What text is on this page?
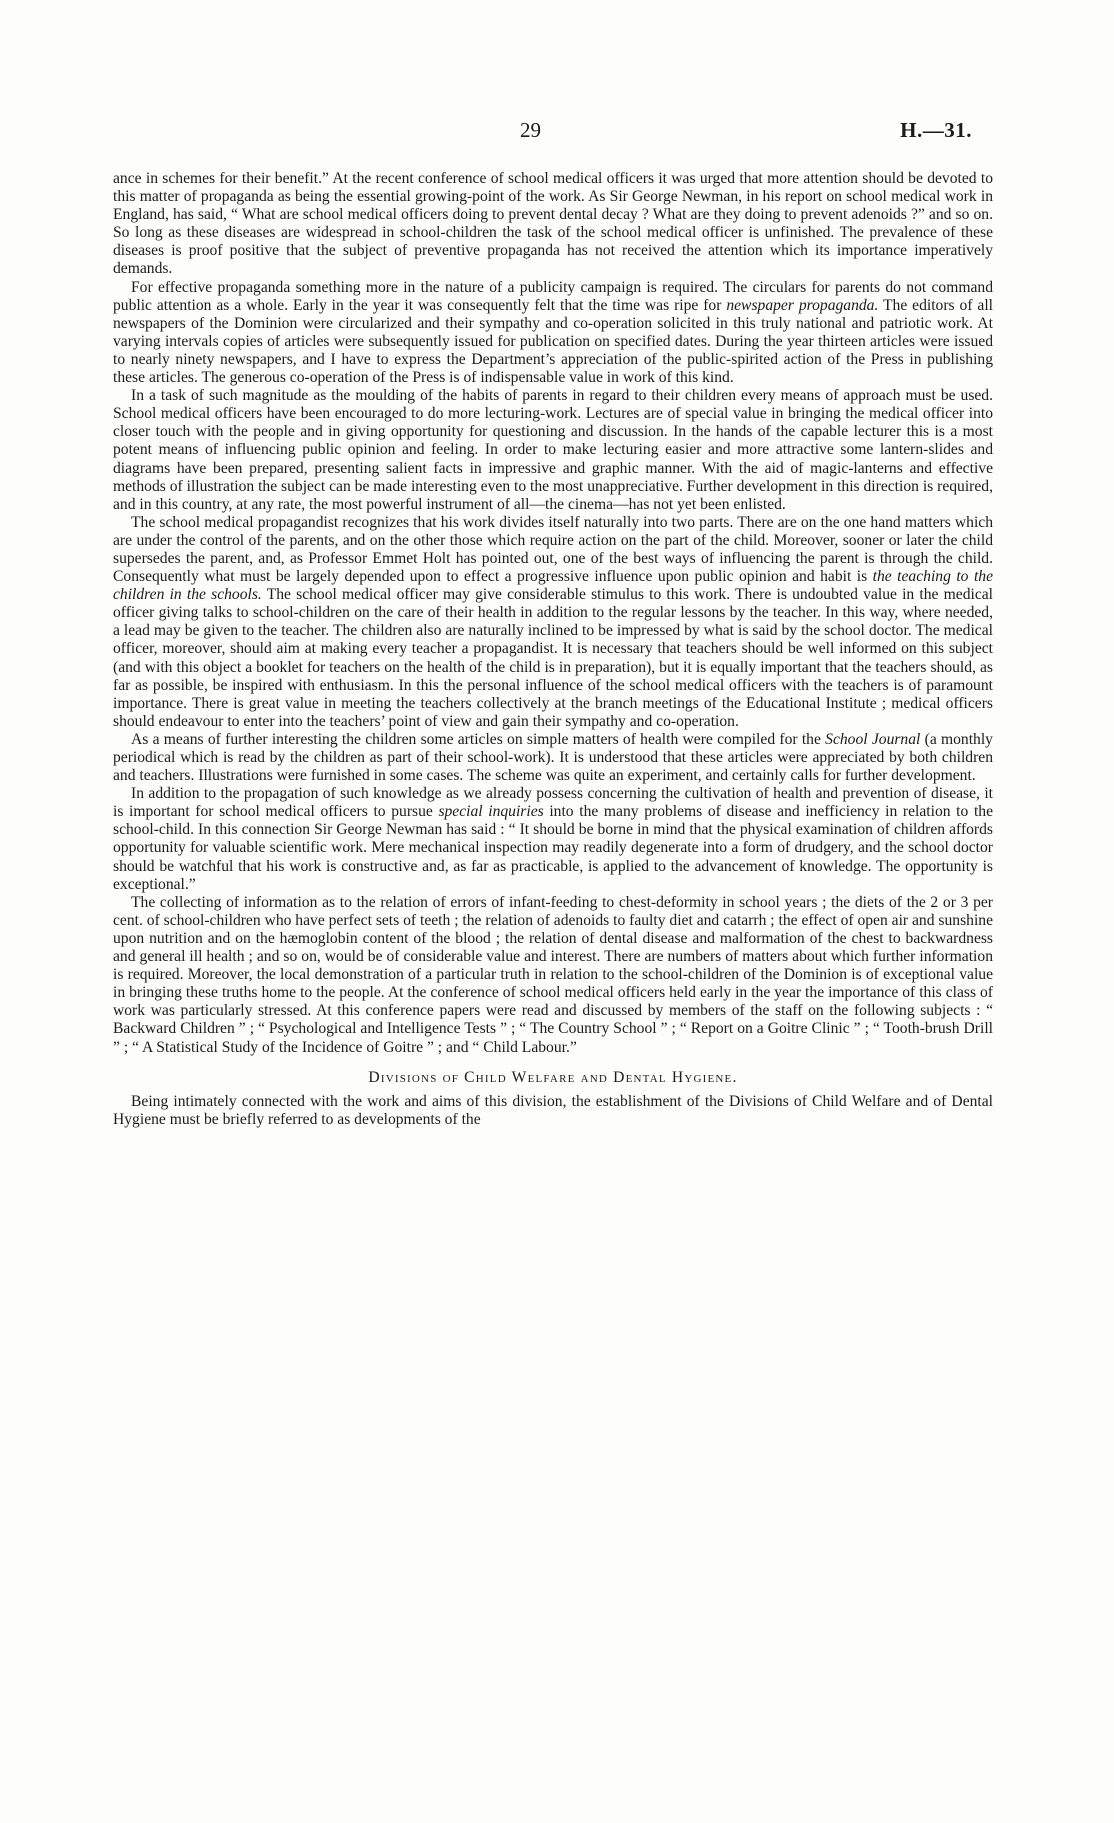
29	H.—31.

ance in schemes for their benefit.” At the recent conference of school medical officers it was urged that more attention should be devoted to this matter of propaganda as being the essential growing-point of the work. As Sir George Newman, in his report on school medical work in England, has said, “ What are school medical officers doing to prevent dental decay ? What are they doing to prevent adenoids ?” and so on. So long as these diseases are widespread in school-children the task of the school medical officer is unfinished. The prevalence of these diseases is proof positive that the subject of preventive propaganda has not received the attention which its importance imperatively demands.

For effective propaganda something more in the nature of a publicity campaign is required. The circulars for parents do not command public attention as a whole. Early in the year it was consequently felt that the time was ripe for newspaper propaganda. The editors of all newspapers of the Dominion were circularized and their sympathy and co-operation solicited in this truly national and patriotic work. At varying intervals copies of articles were subsequently issued for publication on specified dates. During the year thirteen articles were issued to nearly ninety newspapers, and I have to express the Department’s appreciation of the public-spirited action of the Press in publishing these articles. The generous co-operation of the Press is of indispensable value in work of this kind.

In a task of such magnitude as the moulding of the habits of parents in regard to their children every means of approach must be used. School medical officers have been encouraged to do more lecturing-work. Lectures are of special value in bringing the medical officer into closer touch with the people and in giving opportunity for questioning and discussion. In the hands of the capable lecturer this is a most potent means of influencing public opinion and feeling. In order to make lecturing easier and more attractive some lantern-slides and diagrams have been prepared, presenting salient facts in impressive and graphic manner. With the aid of magic-lanterns and effective methods of illustration the subject can be made interesting even to the most unappreciative. Further development in this direction is required, and in this country, at any rate, the most powerful instrument of all—the cinema—has not yet been enlisted.

The school medical propagandist recognizes that his work divides itself naturally into two parts. There are on the one hand matters which are under the control of the parents, and on the other those which require action on the part of the child. Moreover, sooner or later the child supersedes the parent, and, as Professor Emmet Holt has pointed out, one of the best ways of influencing the parent is through the child. Consequently what must be largely depended upon to effect a progressive influence upon public opinion and habit is the teaching to the children in the schools. The school medical officer may give considerable stimulus to this work. There is undoubted value in the medical officer giving talks to school-children on the care of their health in addition to the regular lessons by the teacher. In this way, where needed, a lead may be given to the teacher. The children also are naturally inclined to be impressed by what is said by the school doctor. The medical officer, moreover, should aim at making every teacher a propagandist. It is necessary that teachers should be well informed on this subject (and with this object a booklet for teachers on the health of the child is in preparation), but it is equally important that the teachers should, as far as possible, be inspired with enthusiasm. In this the personal influence of the school medical officers with the teachers is of paramount importance. There is great value in meeting the teachers collectively at the branch meetings of the Educational Institute ; medical officers should endeavour to enter into the teachers’ point of view and gain their sympathy and co-operation.

As a means of further interesting the children some articles on simple matters of health were compiled for the School Journal (a monthly periodical which is read by the children as part of their school-work). It is understood that these articles were appreciated by both children and teachers. Illustrations were furnished in some cases. The scheme was quite an experiment, and certainly calls for further development.

In addition to the propagation of such knowledge as we already possess concerning the cultivation of health and prevention of disease, it is important for school medical officers to pursue special inquiries into the many problems of disease and inefficiency in relation to the school-child. In this connection Sir George Newman has said : “ It should be borne in mind that the physical examination of children affords opportunity for valuable scientific work. Mere mechanical inspection may readily degenerate into a form of drudgery, and the school doctor should be watchful that his work is constructive and, as far as practicable, is applied to the advancement of knowledge. The opportunity is exceptional.”

The collecting of information as to the relation of errors of infant-feeding to chest-deformity in school years ; the diets of the 2 or 3 per cent. of school-children who have perfect sets of teeth ; the relation of adenoids to faulty diet and catarrh ; the effect of open air and sunshine upon nutrition and on the hæmoglobin content of the blood ; the relation of dental disease and malformation of the chest to backwardness and general ill health ; and so on, would be of considerable value and interest. There are numbers of matters about which further information is required. Moreover, the local demonstration of a particular truth in relation to the school-children of the Dominion is of exceptional value in bringing these truths home to the people. At the conference of school medical officers held early in the year the importance of this class of work was particularly stressed. At this conference papers were read and discussed by members of the staff on the following subjects : “ Backward Children ” ; “ Psychological and Intelligence Tests ” ; “ The Country School ” ; “ Report on a Goitre Clinic ” ; “ Tooth-brush Drill ” ; “ A Statistical Study of the Incidence of Goitre ” ; and “ Child Labour.”

Divisions of Child Welfare and Dental Hygiene.

Being intimately connected with the work and aims of this division, the establishment of the Divisions of Child Welfare and of Dental Hygiene must be briefly referred to as developments of the
